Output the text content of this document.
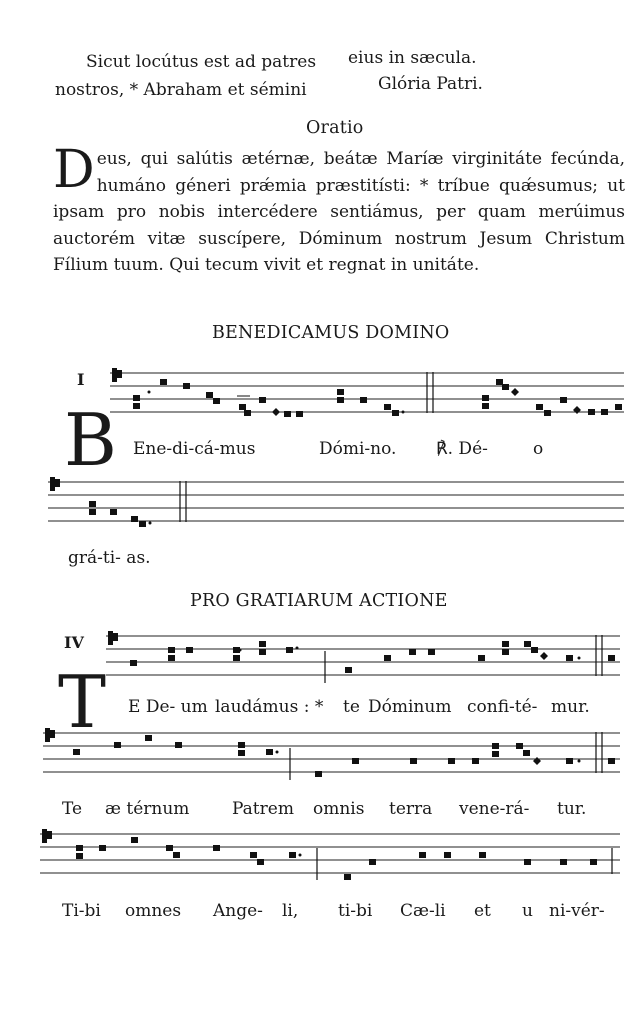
Sicut locútus est ad patres eius in sæcula.
nostros, * Abraham et sémini	Glória Patri.
Oratio
Deus, qui salútis ætérnæ, beátæ Maríæ virginitáte fecúnda, humáno géneri prǽmia præstitísti: * tríbue quǽsumus; ut ipsam pro nobis intercédere sentiámus, per quam merúimus auctorém vitæ suscípere, Dóminum nostrum Jesum Christum Fílium tuum. Qui tecum vivit et regnat in unitáte.
BENEDICAMUS DOMINO
I
B Ene-di-cá-mus	Dómi-no. ℟. Dé-	o
grá-ti- as.
PRO GRATIARUM ACTIONE
IV
T E De- um laudámus : * te Dóminum confi-té- mur.
Te æ térnum	Patrem omnis terra vene-rá- tur.
Ti-bi omnes Ange- li, ti-bi Cæ-li et u ni-vér-
